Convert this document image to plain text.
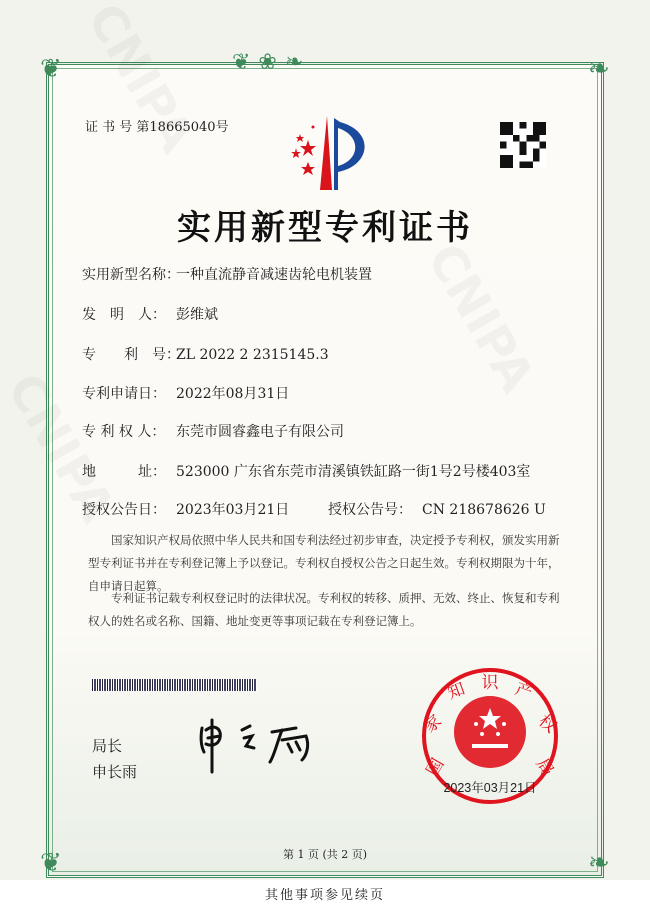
❦❀❧
❦	❧
❦	❧
证 书 号 第18665040号
实用新型专利证书
实用新型名称：一种直流静音减速齿轮电机装置
发　明　人： 彭维斌
专　　利　号：ZL 2022 2 2315145.3
专利申请日： 2022年08月31日
专 利 权 人： 东莞市圆睿鑫电子有限公司
地　　　址： 523000 广东省东莞市清溪镇铁缸路一街1号2号楼403室
授权公告日： 2023年03月21日	授权公告号： CN 218678626 U
国家知识产权局依照中华人民共和国专利法经过初步审查，决定授予专利权，颁发实用新型专利证书并在专利登记簿上予以登记。专利权自授权公告之日起生效。专利权期限为十年，自申请日起算。
专利证书记载专利权登记时的法律状况。专利权的转移、质押、无效、终止、恢复和专利权人的姓名或名称、国籍、地址变更等事项记载在专利登记簿上。
局长
申长雨	国
家
知 识 产
权
局
2023年03月21日
第 1 页 (共 2 页)
其他事项参见续页
